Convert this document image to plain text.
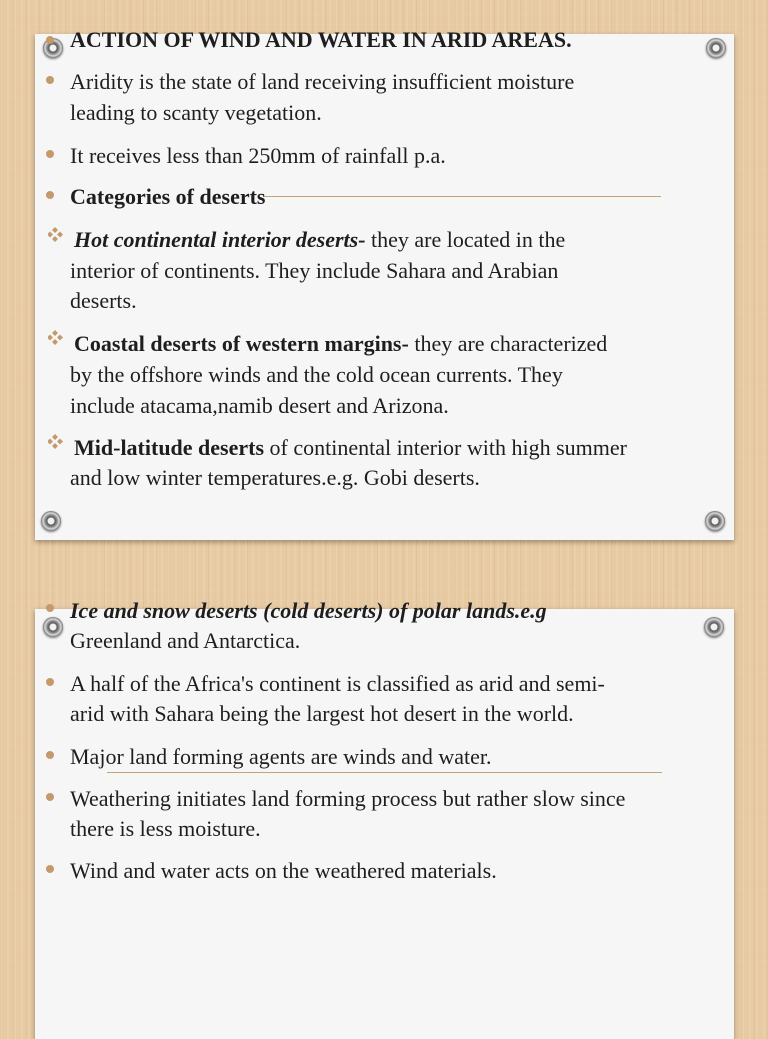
ACTION OF WIND AND WATER IN ARID AREAS.
Aridity is the state of land receiving insufficient moisture
leading to scanty vegetation.
It receives less than 250mm of rainfall p.a.
Categories of deserts
Hot continental interior deserts- they are located in the
interior of continents. They include Sahara and Arabian
deserts.
Coastal deserts of western margins- they are characterized
by the offshore winds and the cold ocean currents. They
include atacama,namib desert and Arizona.
Mid-latitude deserts of continental interior with high summer
and low winter temperatures.e.g. Gobi deserts.
Ice and snow deserts (cold deserts) of polar lands.e.g
Greenland and Antarctica.
A half of the Africa's continent is classified as arid and semi-
arid with Sahara being the largest hot desert in the world.
Major land forming agents are winds and water.
Weathering initiates land forming process but rather slow since
there is less moisture.
Wind and water acts on the weathered materials.
